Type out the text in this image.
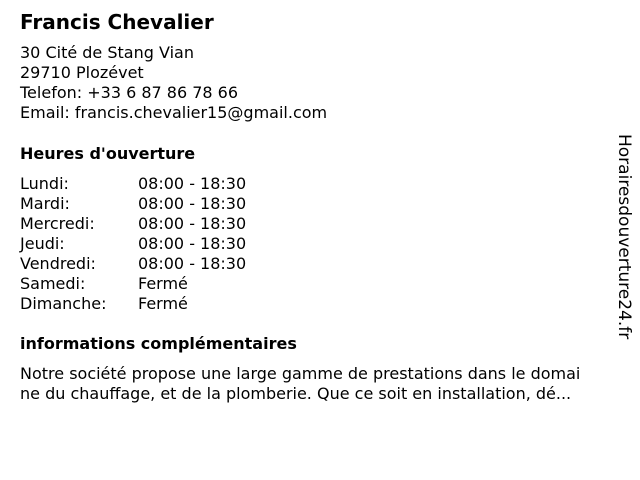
Francis Chevalier
30 Cité de Stang Vian
29710 Plozévet
Telefon: +33 6 87 86 78 66
Email: francis.chevalier15@gmail.com
Heures d'ouverture
Lundi:	08:00 - 18:30
Mardi:	08:00 - 18:30
Mercredi:	08:00 - 18:30
Jeudi:	08:00 - 18:30
Vendredi:	08:00 - 18:30
Samedi:	Fermé
Dimanche: Fermé
informations complémentaires
Notre société propose une large gamme de prestations dans le domai
ne du chauffage, et de la plomberie. Que ce soit en installation, dé...
Horairesdouverture24.fr
